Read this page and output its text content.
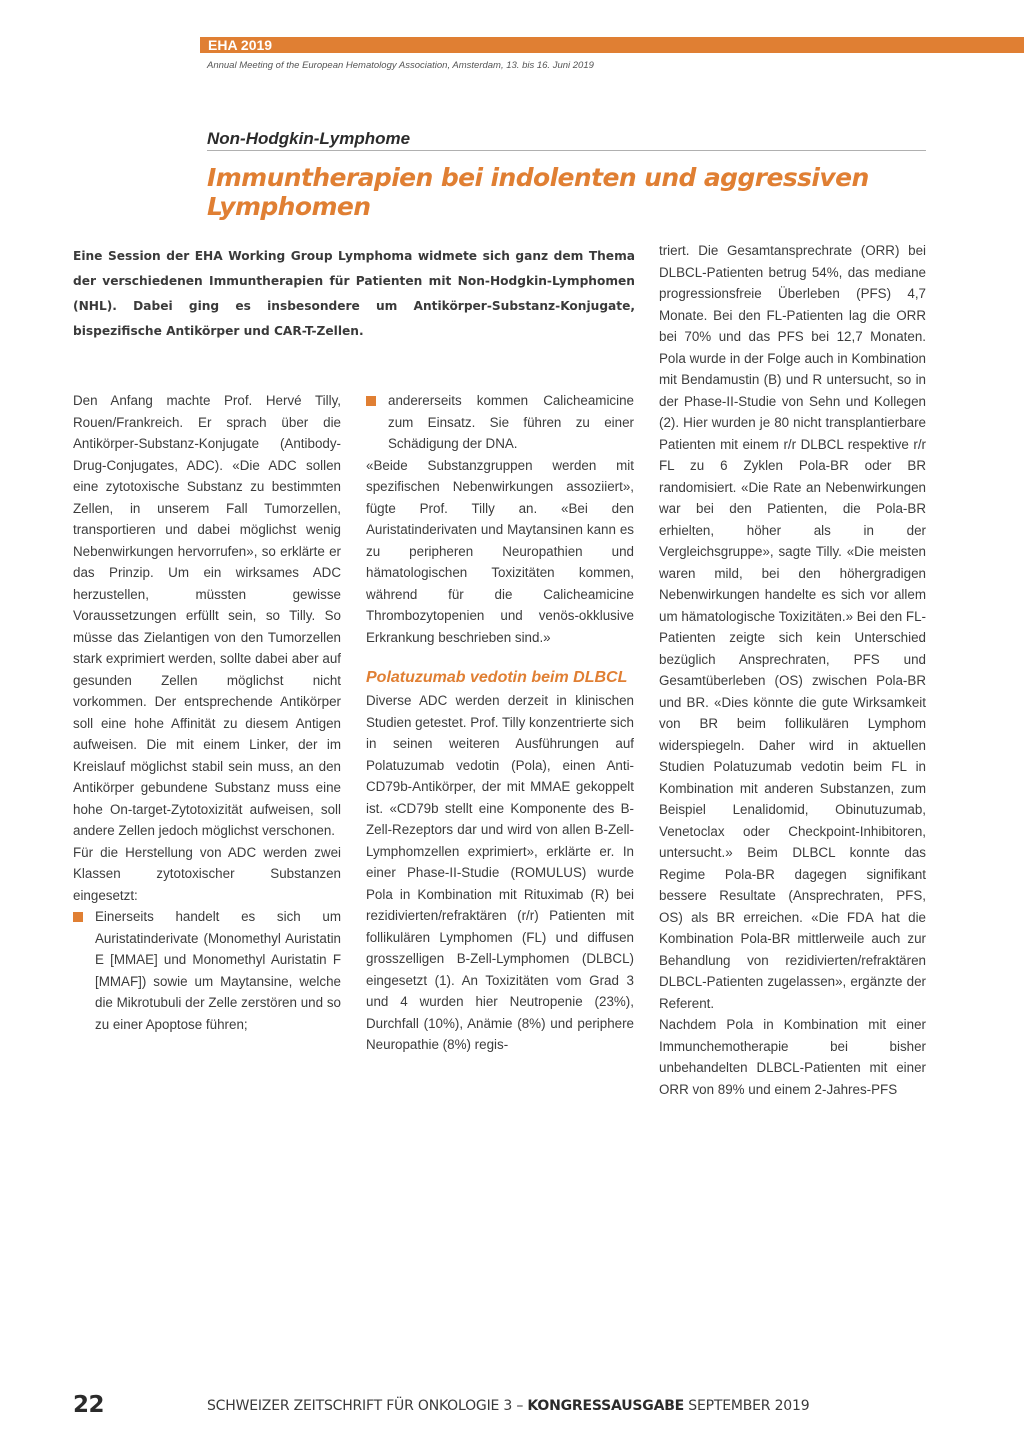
EHA 2019
Annual Meeting of the European Hematology Association, Amsterdam, 13. bis 16. Juni 2019
Non-Hodgkin-Lymphome
Immuntherapien bei indolenten und aggressiven Lymphomen

Eine Session der EHA Working Group Lymphoma widmete sich ganz dem Thema der verschiedenen Immuntherapien für Patienten mit Non-Hodgkin-Lymphomen (NHL). Dabei ging es insbesondere um Antikörper-Substanz-Konjugate, bispezifische Antikörper und CAR-T-Zellen.

Den Anfang machte Prof. Hervé Tilly, Rouen/Frankreich. Er sprach über die Antikörper-Substanz-Konjugate (Antibody-Drug-Conjugates, ADC). «Die ADC sollen eine zytotoxische Substanz zu bestimmten Zellen, in unserem Fall Tumorzellen, transportieren und dabei möglichst wenig Nebenwirkungen hervorrufen», so erklärte er das Prinzip. Um ein wirksames ADC herzustellen, müssten gewisse Voraussetzungen erfüllt sein, so Tilly. So müsse das Zielantigen von den Tumorzellen stark exprimiert werden, sollte dabei aber auf gesunden Zellen möglichst nicht vorkommen. Der entsprechende Antikörper soll eine hohe Affinität zu diesem Antigen aufweisen. Die mit einem Linker, der im Kreislauf möglichst stabil sein muss, an den Antikörper gebundene Substanz muss eine hohe On-target-Zytotoxizität aufweisen, soll andere Zellen jedoch möglichst verschonen.

Für die Herstellung von ADC werden zwei Klassen zytotoxischer Substanzen eingesetzt:

Einerseits handelt es sich um Auristatinderivate (Monomethyl Auristatin E [MMAE] und Monomethyl Auristatin F [MMAF]) sowie um Maytansine, welche die Mikrotubuli der Zelle zerstören und so zu einer Apoptose führen;
andererseits kommen Calicheamicine zum Einsatz. Sie führen zu einer Schädigung der DNA.

«Beide Substanzgruppen werden mit spezifischen Nebenwirkungen assoziiert», fügte Prof. Tilly an. «Bei den Auristatinderivaten und Maytansinen kann es zu peripheren Neuropathien und hämatologischen Toxizitäten kommen, während für die Calicheamicine Thrombozytopenien und venös-okklusive Erkrankung beschrieben sind.»

Polatuzumab vedotin beim DLBCL

Diverse ADC werden derzeit in klinischen Studien getestet. Prof. Tilly konzentrierte sich in seinen weiteren Ausführungen auf Polatuzumab vedotin (Pola), einen Anti-CD79b-Antikörper, der mit MMAE gekoppelt ist. «CD79b stellt eine Komponente des B-Zell-Rezeptors dar und wird von allen B-Zell-Lymphomzellen exprimiert», erklärte er. In einer Phase-II-Studie (ROMULUS) wurde Pola in Kombination mit Rituximab (R) bei rezidivierten/refraktären (r/r) Patienten mit follikulären Lymphomen (FL) und diffusen grosszelligen B-Zell-Lymphomen (DLBCL) eingesetzt (1). An Toxizitäten vom Grad 3 und 4 wurden hier Neutropenie (23%), Durchfall (10%), Anämie (8%) und periphere Neuropathie (8%) regis-

triert. Die Gesamtansprechrate (ORR) bei DLBCL-Patienten betrug 54%, das mediane progressionsfreie Überleben (PFS) 4,7 Monate. Bei den FL-Patienten lag die ORR bei 70% und das PFS bei 12,7 Monaten. Pola wurde in der Folge auch in Kombination mit Bendamustin (B) und R untersucht, so in der Phase-II-Studie von Sehn und Kollegen (2). Hier wurden je 80 nicht transplantierbare Patienten mit einem r/r DLBCL respektive r/r FL zu 6 Zyklen Pola-BR oder BR randomisiert. «Die Rate an Nebenwirkungen war bei den Patienten, die Pola-BR erhielten, höher als in der Vergleichsgruppe», sagte Tilly. «Die meisten waren mild, bei den höhergradigen Nebenwirkungen handelte es sich vor allem um hämatologische Toxizitäten.» Bei den FL-Patienten zeigte sich kein Unterschied bezüglich Ansprechraten, PFS und Gesamtüberleben (OS) zwischen Pola-BR und BR. «Dies könnte die gute Wirksamkeit von BR beim follikulären Lymphom widerspiegeln. Daher wird in aktuellen Studien Polatuzumab vedotin beim FL in Kombination mit anderen Substanzen, zum Beispiel Lenalidomid, Obinutuzumab, Venetoclax oder Checkpoint-Inhibitoren, untersucht.» Beim DLBCL konnte das Regime Pola-BR dagegen signifikant bessere Resultate (Ansprechraten, PFS, OS) als BR erreichen. «Die FDA hat die Kombination Pola-BR mittlerweile auch zur Behandlung von rezidivierten/refraktären DLBCL-Patienten zugelassen», ergänzte der Referent.

Nachdem Pola in Kombination mit einer Immunchemotherapie bei bisher unbehandelten DLBCL-Patienten mit einer ORR von 89% und einem 2-Jahres-PFS

22	SCHWEIZER ZEITSCHRIFT FÜR ONKOLOGIE 3 – KONGRESSAUSGABE SEPTEMBER 2019
